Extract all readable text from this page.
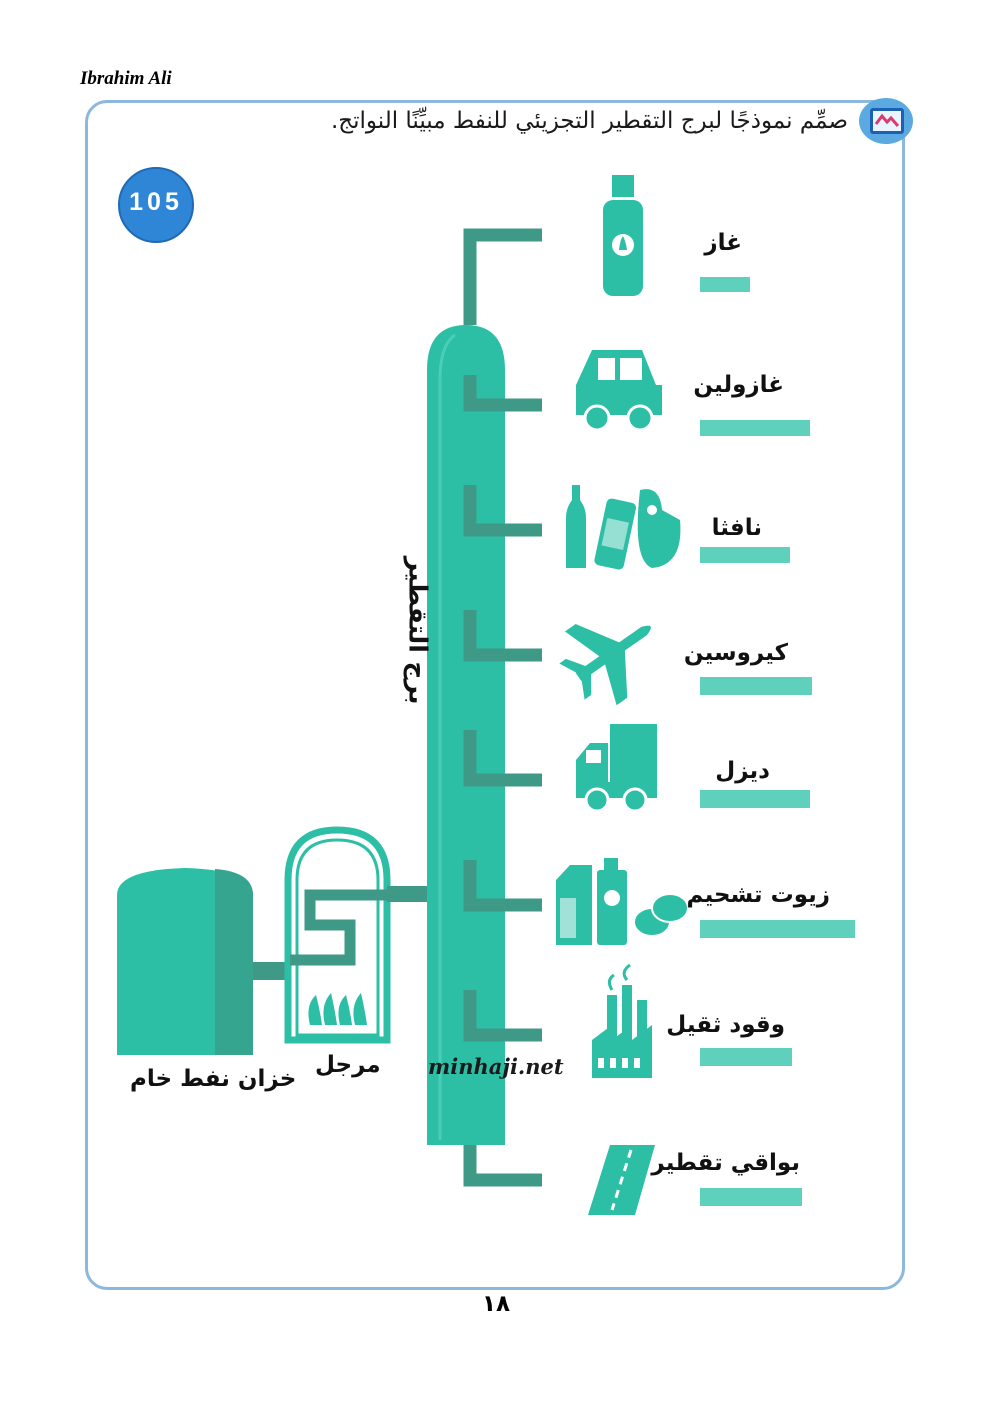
Ibrahim Ali
صمِّم نموذجًا لبرج التقطير التجزيئي للنفط مبيِّنًا النواتج.
105
غاز
غازولين
نافثا
كيروسين
ديزل
زيوت تشحيم
وقود ثقيل
بواقي تقطير
برج التقطير
خزان نفط خام
مرجل minhaji.net
١٨
